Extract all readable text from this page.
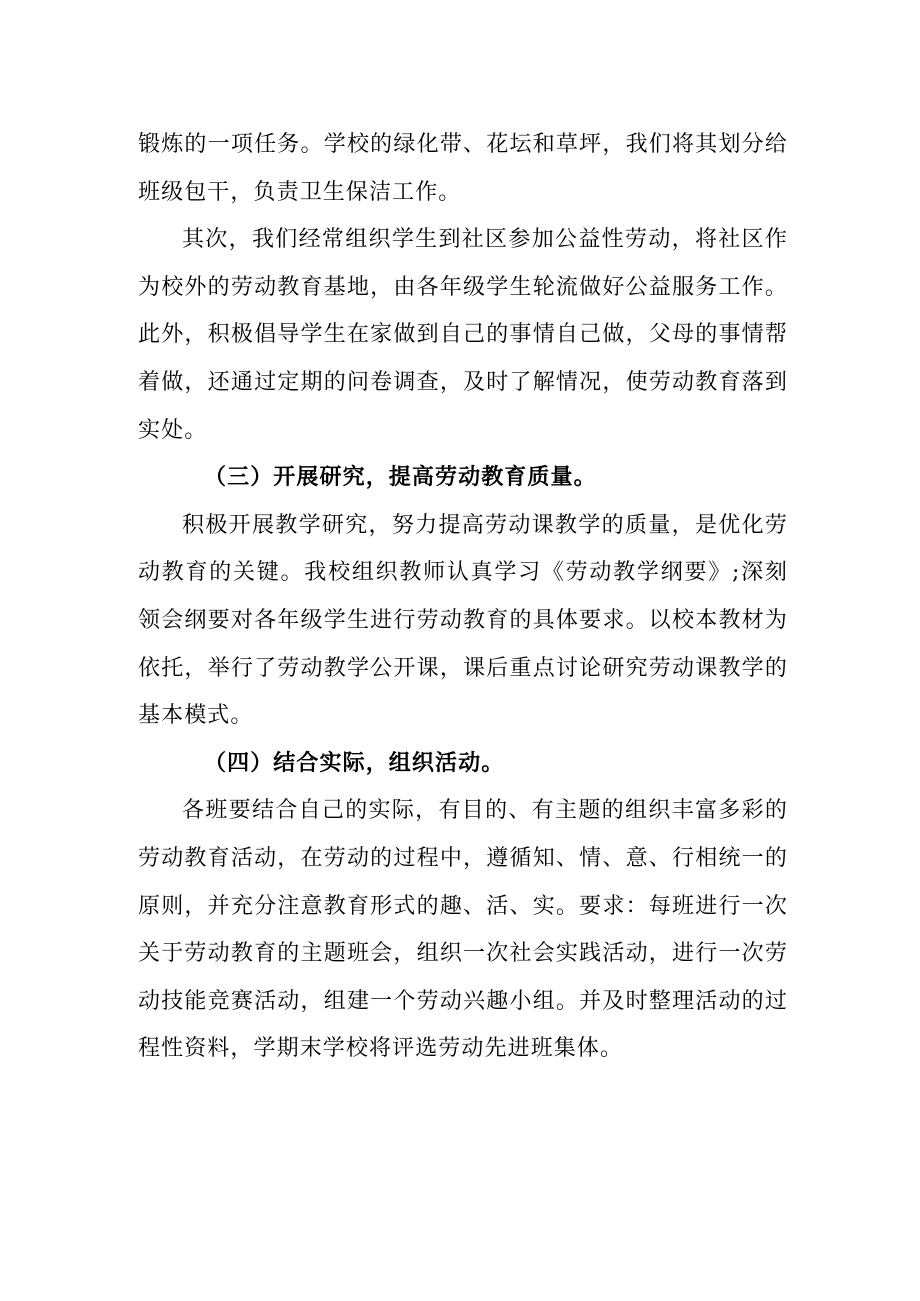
锻炼的一项任务。学校的绿化带、花坛和草坪，我们将其划分给班级包干，负责卫生保洁工作。

其次，我们经常组织学生到社区参加公益性劳动，将社区作为校外的劳动教育基地，由各年级学生轮流做好公益服务工作。此外，积极倡导学生在家做到自己的事情自己做，父母的事情帮着做，还通过定期的问卷调查，及时了解情况，使劳动教育落到实处。

（三）开展研究，提高劳动教育质量。

积极开展教学研究，努力提高劳动课教学的质量，是优化劳动教育的关键。我校组织教师认真学习《劳动教学纲要》;深刻领会纲要对各年级学生进行劳动教育的具体要求。以校本教材为依托，举行了劳动教学公开课，课后重点讨论研究劳动课教学的基本模式。

（四）结合实际，组织活动。

各班要结合自己的实际，有目的、有主题的组织丰富多彩的劳动教育活动，在劳动的过程中，遵循知、情、意、行相统一的原则，并充分注意教育形式的趣、活、实。要求：每班进行一次关于劳动教育的主题班会，组织一次社会实践活动，进行一次劳动技能竞赛活动，组建一个劳动兴趣小组。并及时整理活动的过程性资料，学期末学校将评选劳动先进班集体。
